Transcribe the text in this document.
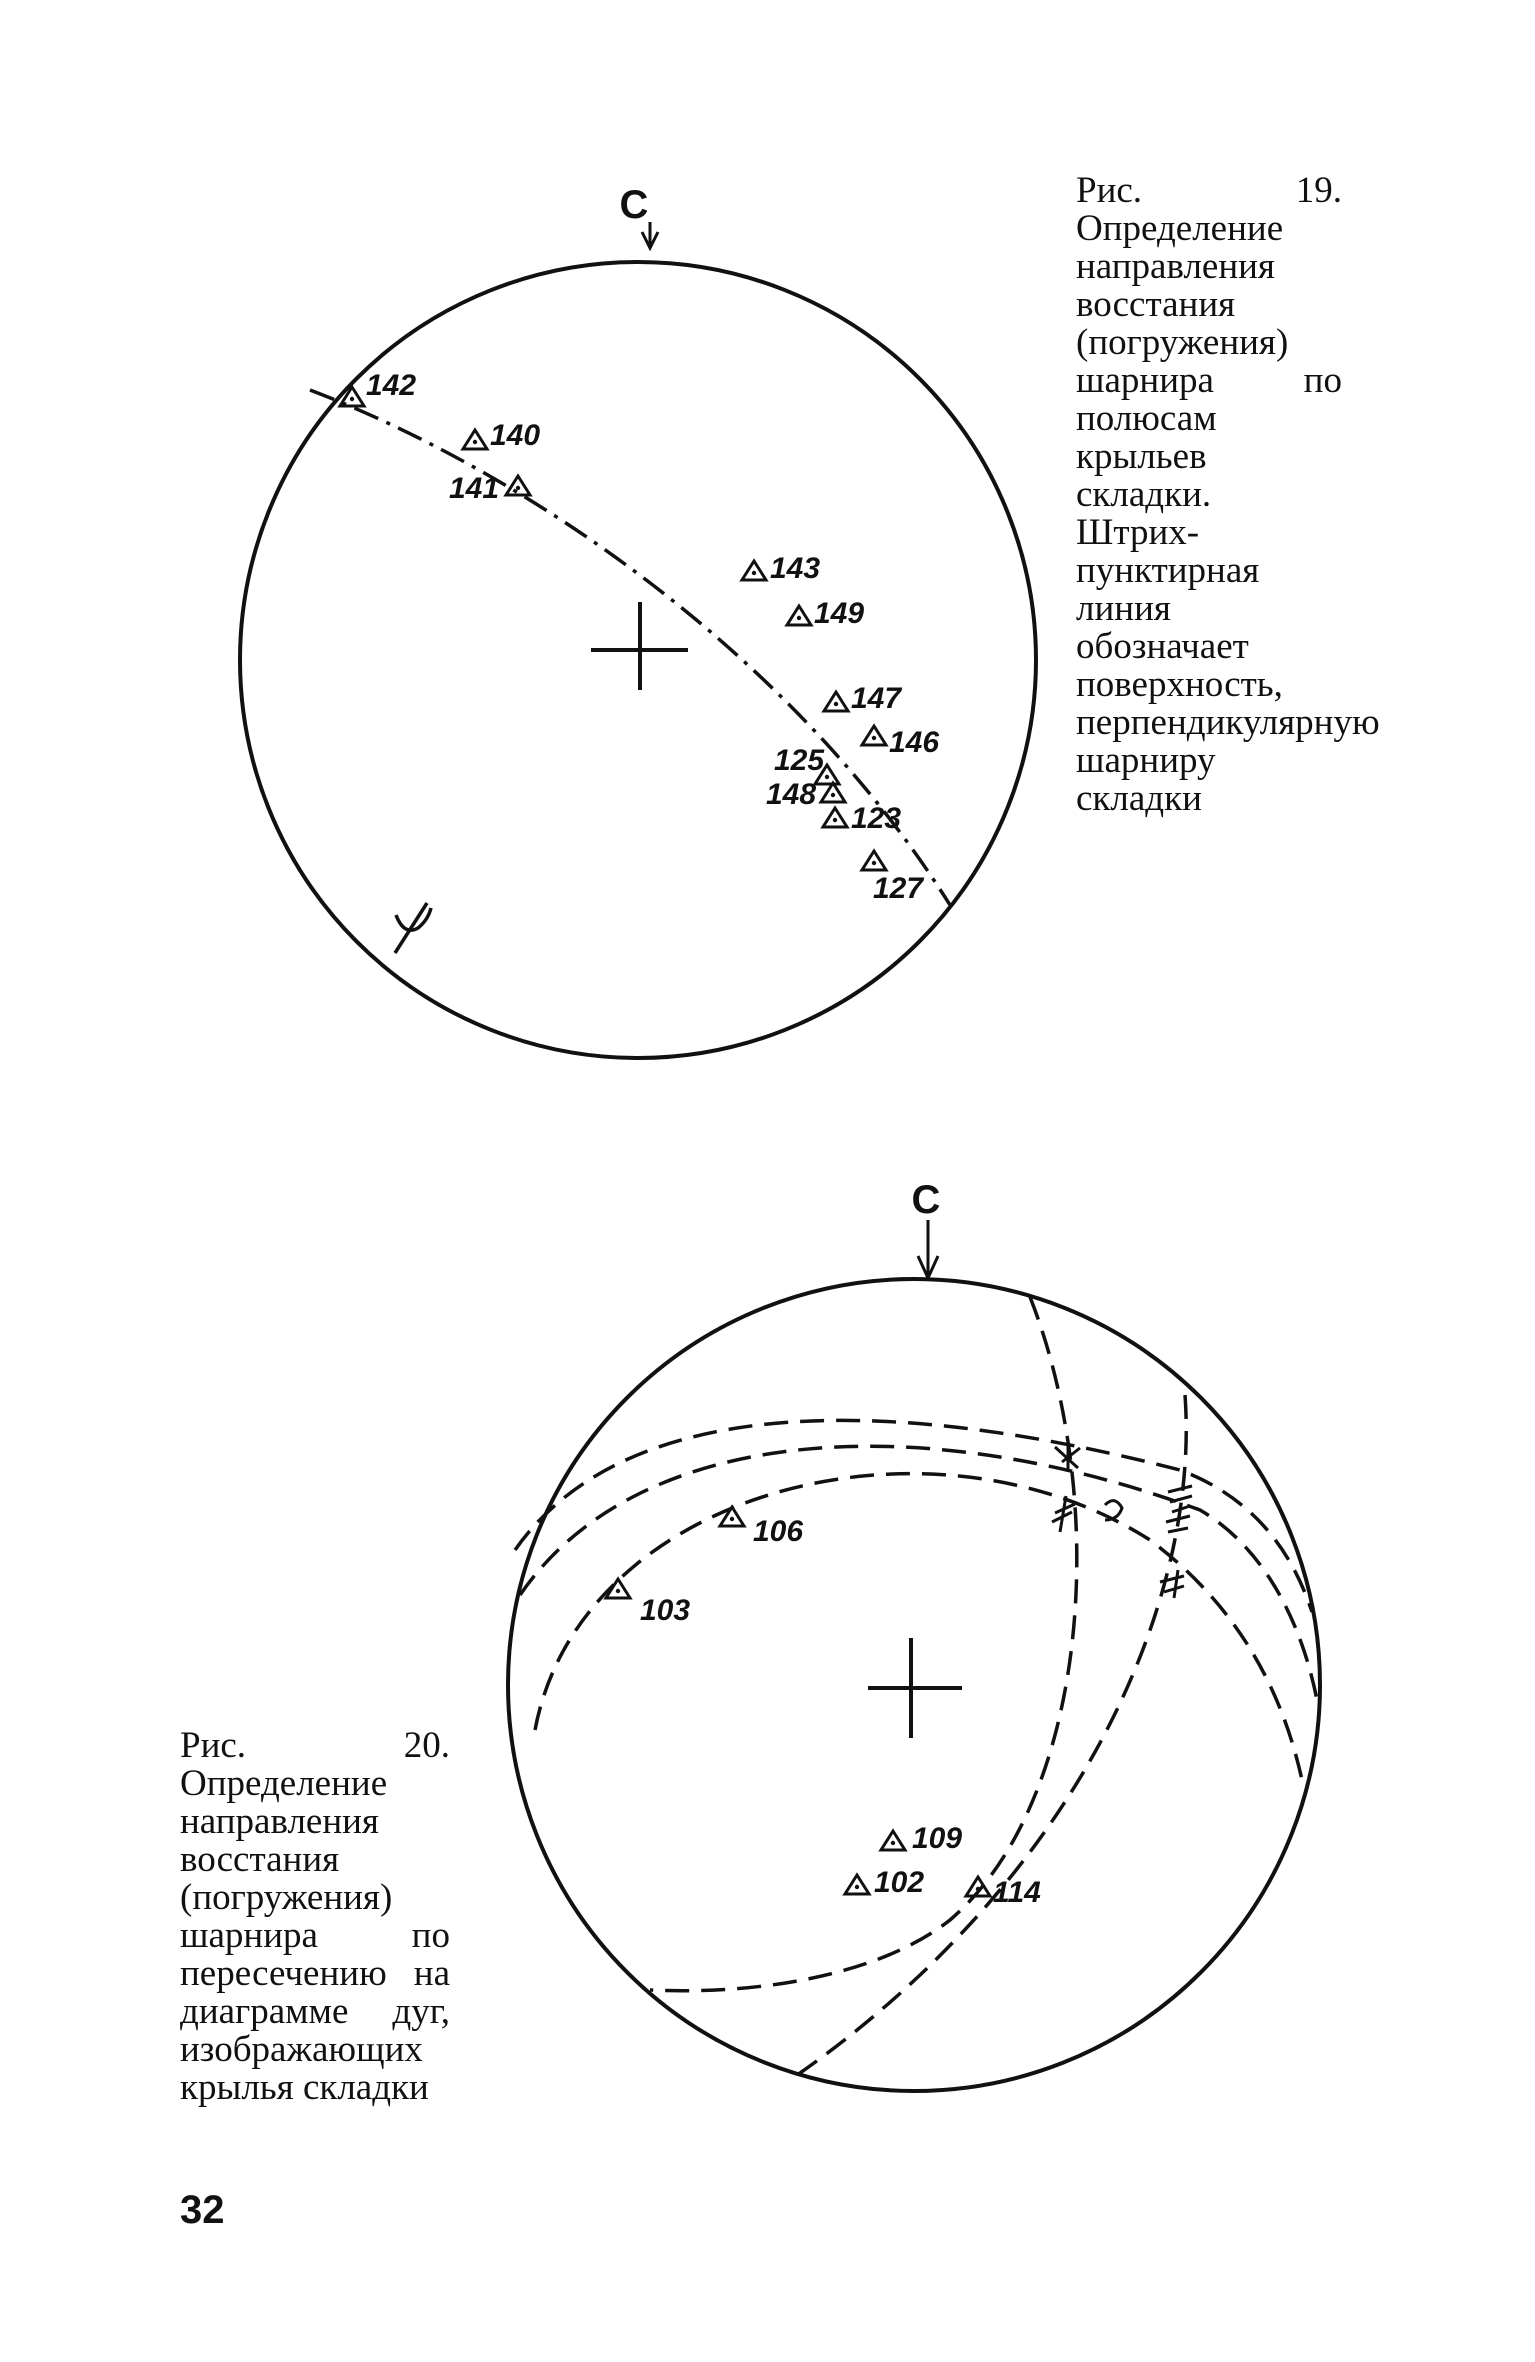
С
142
140
141
143
149
147
146
125
148
123
127
С
106
103
109
102 114
Рис. 19. Определение направления восстания (погружения) шарнира по полюсам крыльев складки. Штрих-пунктирная линия обозначает поверхность, перпендикулярную шарниру складки
Рис. 20. Определение направления восстания (погружения) шарнира по пересечению на диаграмме дуг, изображающих крылья складки
32
